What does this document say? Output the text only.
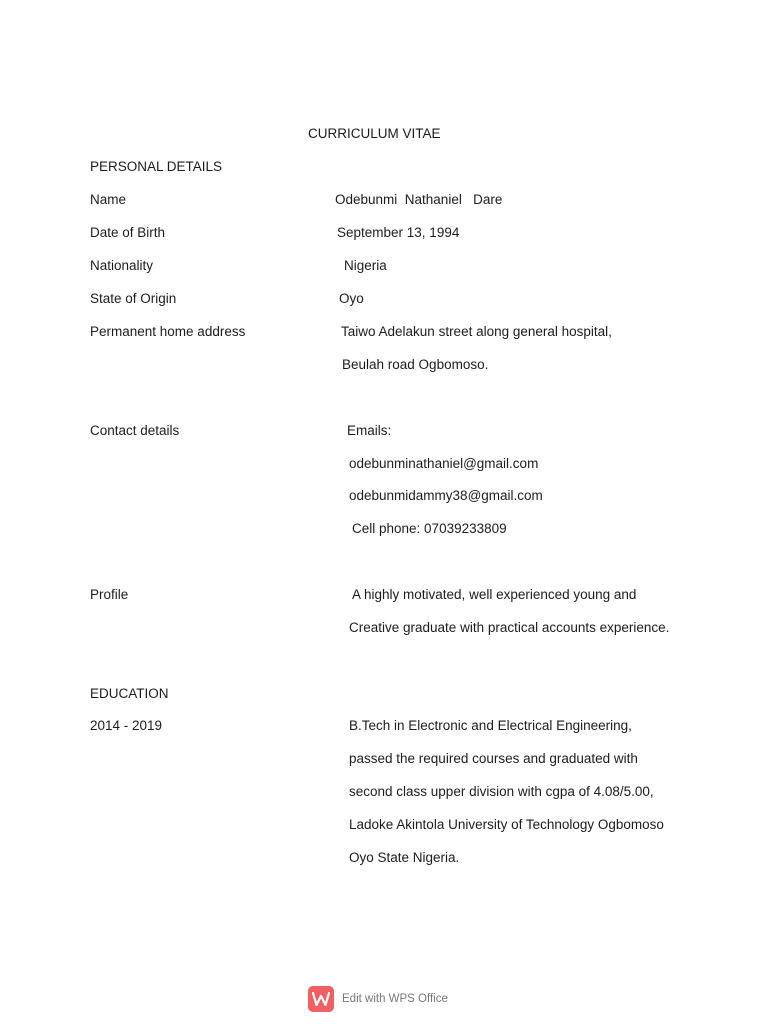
CURRICULUM VITAE
PERSONAL DETAILS
Name	Odebunmi  Nathaniel   Dare
Date of Birth	September 13, 1994
Nationality	Nigeria
State of Origin	Oyo
Permanent home address	Taiwo Adelakun street along general hospital,
Beulah road Ogbomoso.
Contact details	Emails:
odebunminathaniel@gmail.com
odebunmidammy38@gmail.com
Cell phone: 07039233809
Profile	A highly motivated, well experienced young and
Creative graduate with practical accounts experience.
EDUCATION
2014 - 2019	B.Tech in Electronic and Electrical Engineering,
passed the required courses and graduated with
second class upper division with cgpa of 4.08/5.00,
Ladoke Akintola University of Technology Ogbomoso
Oyo State Nigeria.
Edit with WPS Office
